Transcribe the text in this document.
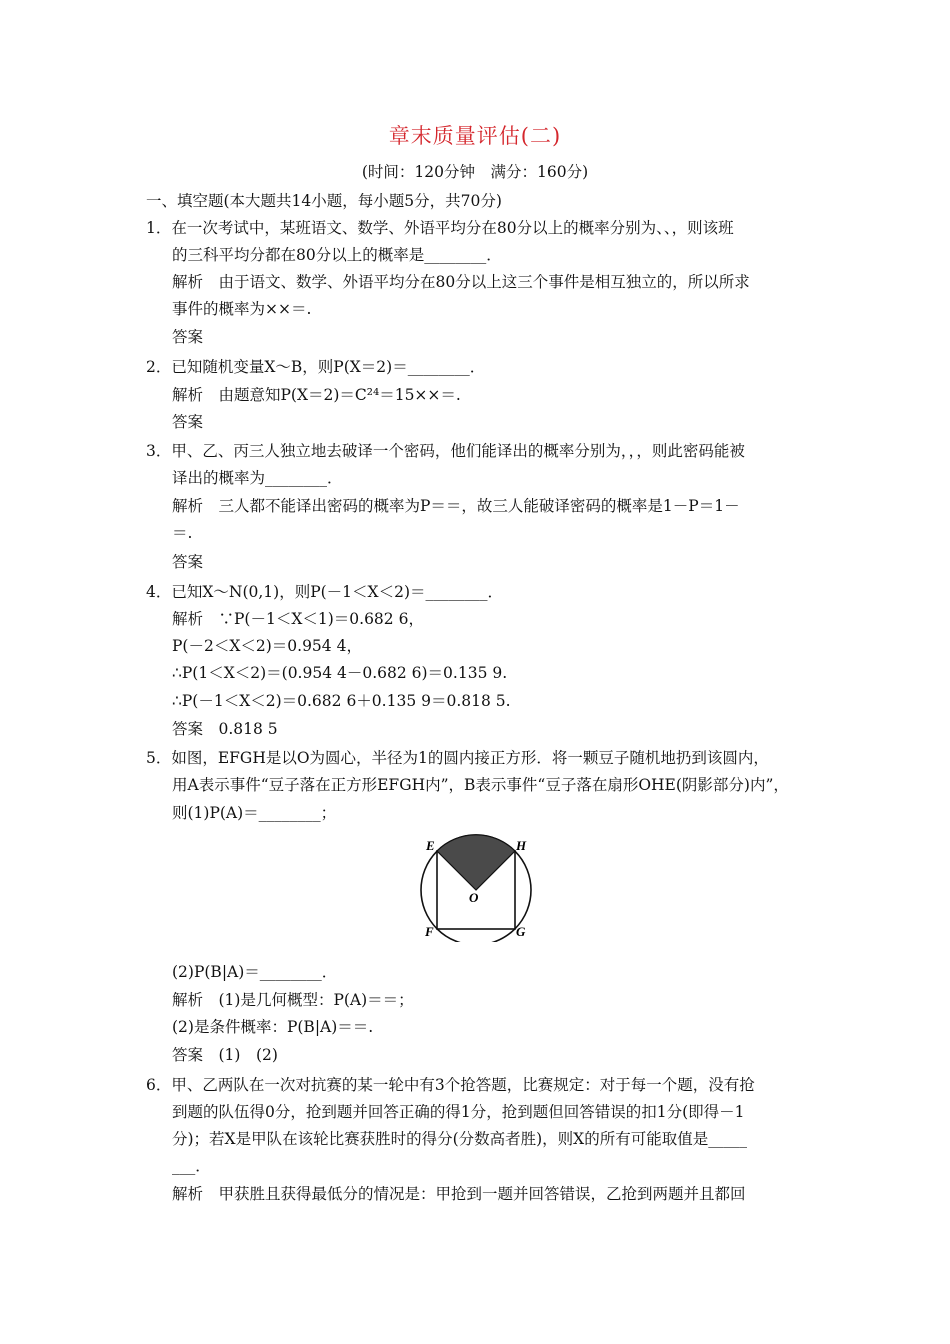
章末质量评估(二)
(时间：120分钟　满分：160分)
一、填空题(本大题共14小题，每小题5分，共70分)
1．在一次考试中，某班语文、数学、外语平均分在80分以上的概率分别为、、，则该班
的三科平均分都在80分以上的概率是________．
解析　由于语文、数学、外语平均分在80分以上这三个事件是相互独立的，所以所求
事件的概率为××＝.
答案
2．已知随机变量X～B，则P(X＝2)＝________．
解析　由题意知P(X＝2)＝C²⁴＝15××＝.
答案
3．甲、乙、丙三人独立地去破译一个密码，他们能译出的概率分别为，，，则此密码能被
译出的概率为________．
解析　三人都不能译出密码的概率为P＝＝，故三人能破译密码的概率是1－P＝1－
＝.
答案
4．已知X～N(0,1)，则P(－1＜X＜2)＝________．
解析　∵P(－1＜X＜1)＝0.682 6，
P(－2＜X＜2)＝0.954 4，
∴P(1＜X＜2)＝(0.954 4－0.682 6)＝0.135 9.
∴P(－1＜X＜2)＝0.682 6＋0.135 9＝0.818 5.
答案　0.818 5
5．如图，EFGH是以O为圆心，半径为1的圆内接正方形．将一颗豆子随机地扔到该圆内，
用A表示事件“豆子落在正方形EFGH内”，B表示事件“豆子落在扇形OHE(阴影部分)内”，
则(1)P(A)＝________；
E	H
O
F	G
(2)P(B|A)＝________．
解析　(1)是几何概型：P(A)＝＝；
(2)是条件概率：P(B|A)＝＝.
答案　(1)　(2)
6．甲、乙两队在一次对抗赛的某一轮中有3个抢答题，比赛规定：对于每一个题，没有抢
到题的队伍得0分，抢到题并回答正确的得1分，抢到题但回答错误的扣1分(即得－1
分)；若X是甲队在该轮比赛获胜时的得分(分数高者胜)，则X的所有可能取值是_____
___．
解析　甲获胜且获得最低分的情况是：甲抢到一题并回答错误，乙抢到两题并且都回
